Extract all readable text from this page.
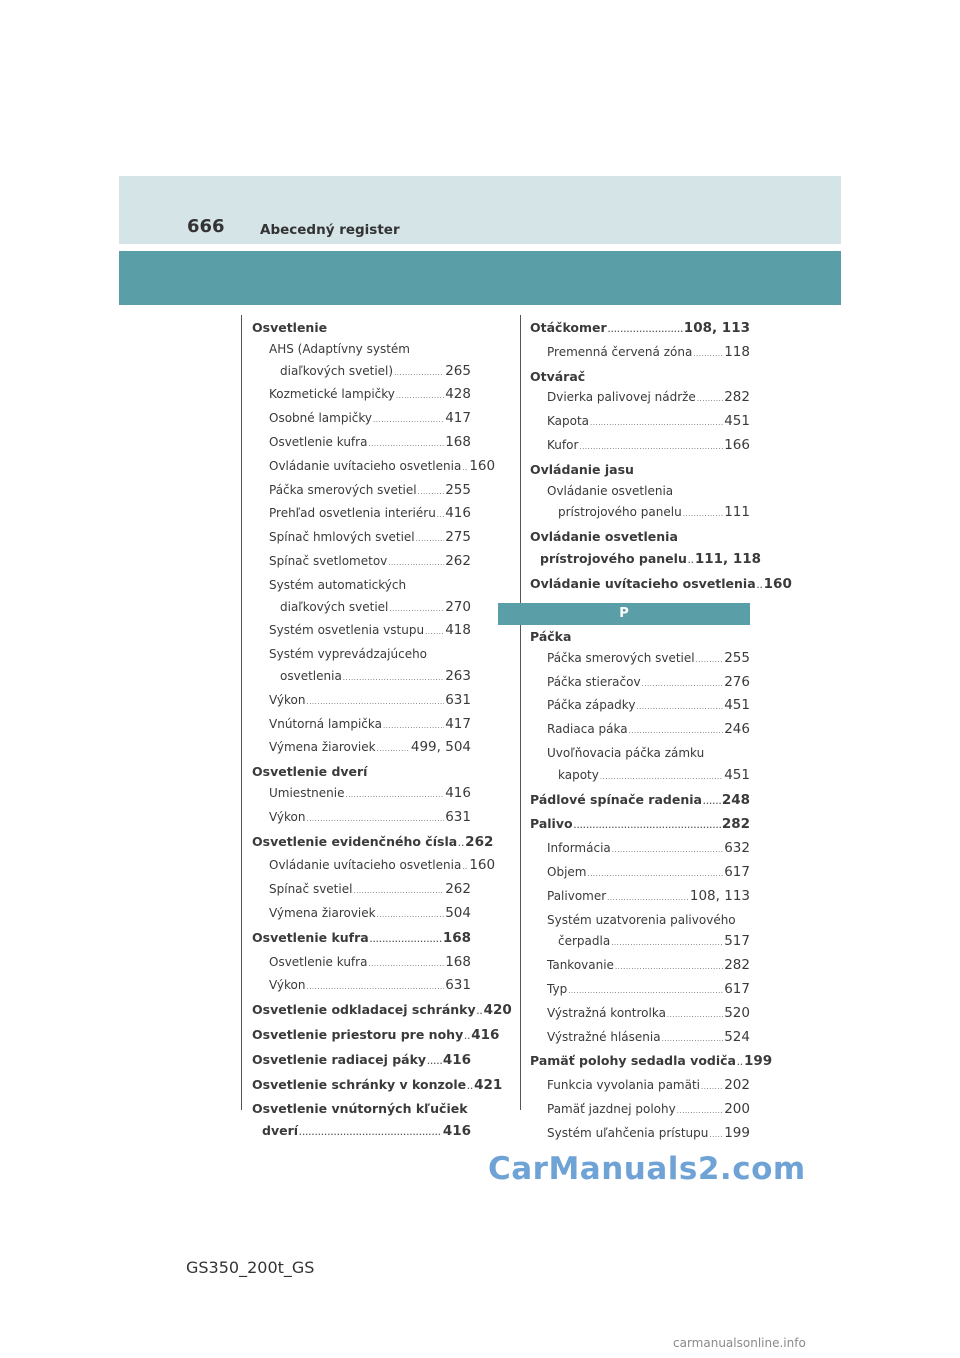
666	Abecedný register
Osvetlenie
AHS (Adaptívny systém
diaľkových svetiel) .....	265
Kozmetické lampičky .....	428
Osobné lampičky .....	417
Osvetlenie kufra .....	168
Ovládanie uvítacieho osvetlenia ..... 160
Páčka smerových svetiel ..... 255
Prehľad osvetlenia interiéru ..... 416
Spínač hmlových svetiel ..... 275
Spínač svetlometov .....	262
Systém automatických
diaľkových svetiel .....	270
Systém osvetlenia vstupu ..... 418
Systém vyprevádzajúceho
osvetlenia .....	263
Výkon .....	631
Vnútorná lampička .....	417
Výmena žiaroviek .....	499, 504
Osvetlenie dverí
Umiestnenie .....	416
Výkon .....	631
Osvetlenie evidenčného čísla ..... 262
Ovládanie uvítacieho osvetlenia ..... 160
Spínač svetiel .....	262
Výmena žiaroviek .....	504
Osvetlenie kufra .....	168
Osvetlenie kufra .....	168
Výkon .....	631
Osvetlenie odkladacej schránky ..... 420
Osvetlenie priestoru pre nohy ..... 416
Osvetlenie radiacej páky ..... 416
Osvetlenie schránky v konzole ..... 421
Osvetlenie vnútorných kľučiek
dverí .....	416
Otáčkomer .....	108, 113
Premenná červená zóna ..... 118
Otvárač
Dvierka palivovej nádrže ..... 282
Kapota .....	451
Kufor .....	166
Ovládanie jasu
Ovládanie osvetlenia
prístrojového panelu .....	111
Ovládanie osvetlenia
prístrojového panelu ..... 111, 118
Ovládanie uvítacieho osvetlenia ..... 160
P
Páčka
Páčka smerových svetiel ..... 255
Páčka stieračov .....	276
Páčka západky .....	451
Radiaca páka .....	246
Uvoľňovacia páčka zámku
kapoty .....	451
Pádlové spínače radenia ..... 248
Palivo .....	282
Informácia .....	632
Objem .....	617
Palivomer .....	108, 113
Systém uzatvorenia palivového
čerpadla .....	517
Tankovanie .....	282
Typ .....	617
Výstražná kontrolka .....	520
Výstražné hlásenia .....	524
Pamäť polohy sedadla vodiča ..... 199
Funkcia vyvolania pamäti ..... 202
Pamäť jazdnej polohy .....	200
Systém uľahčenia prístupu ..... 199
GS350_200t_GS
CarManuals2.com
carmanualsonline.info
